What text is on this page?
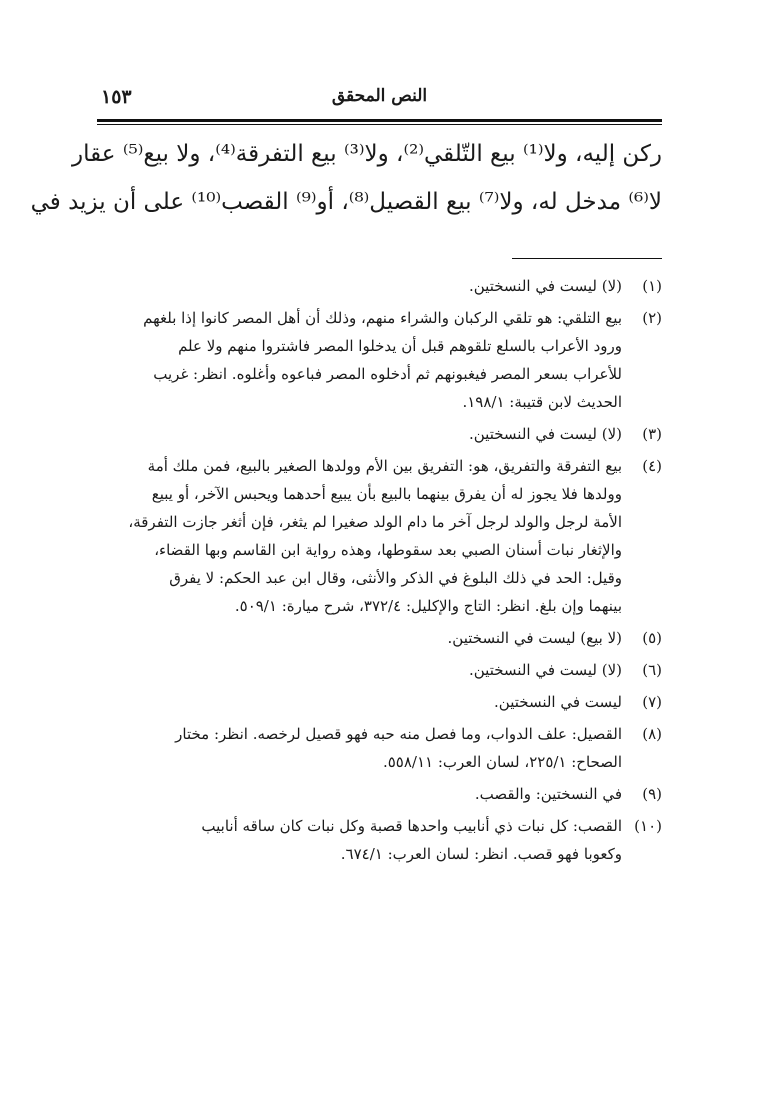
النص المحقق
١٥٣
ركن إليه، ولا⁽¹⁾ بيع التّلقي⁽²⁾، ولا⁽³⁾ بيع التفرقة⁽⁴⁾، ولا بيع⁽⁵⁾ عقار
لا⁽⁶⁾ مدخل له، ولا⁽⁷⁾ بيع القصيل⁽⁸⁾، أو⁽⁹⁾ القصب⁽¹⁰⁾ على أن يزيد في
(١)(لا) ليست في النسختين.
(٢)بيع التلقي: هو تلقي الركبان والشراء منهم، وذلك أن أهل المصر كانوا إذا بلغهم
ورود الأعراب بالسلع تلقوهم قبل أن يدخلوا المصر فاشتروا منهم ولا علم
للأعراب بسعر المصر فيغبونهم ثم أدخلوه المصر فباعوه وأغلوه. انظر: غريب
الحديث لابن قتيبة: ١٩٨/١.
(٣)(لا) ليست في النسختين.
(٤)بيع التفرقة والتفريق، هو: التفريق بين الأم وولدها الصغير بالبيع، فمن ملك أمة
وولدها فلا يجوز له أن يفرق بينهما بالبيع بأن يبيع أحدهما ويحبس الآخر، أو يبيع
الأمة لرجل والولد لرجل آخر ما دام الولد صغيرا لم يثغر، فإن أثغر جازت التفرقة،
والإثغار نبات أسنان الصبي بعد سقوطها، وهذه رواية ابن القاسم وبها القضاء،
وقيل: الحد في ذلك البلوغ في الذكر والأنثى، وقال ابن عبد الحكم: لا يفرق
بينهما وإن بلغ. انظر: التاج والإكليل: ٣٧٢/٤، شرح ميارة: ٥٠٩/١.
(٥)(لا بيع) ليست في النسختين.
(٦)(لا) ليست في النسختين.
(٧)ليست في النسختين.
(٨)القصيل: علف الدواب، وما فصل منه حبه فهو قصيل لرخصه. انظر: مختار
الصحاح: ٢٢٥/١، لسان العرب: ٥٥٨/١١.
(٩)في النسختين: والقصب.
(١٠)القصب: كل نبات ذي أنابيب واحدها قصبة وكل نبات كان ساقه أنابيب
وكعوبا فهو قصب. انظر: لسان العرب: ٦٧٤/١.
